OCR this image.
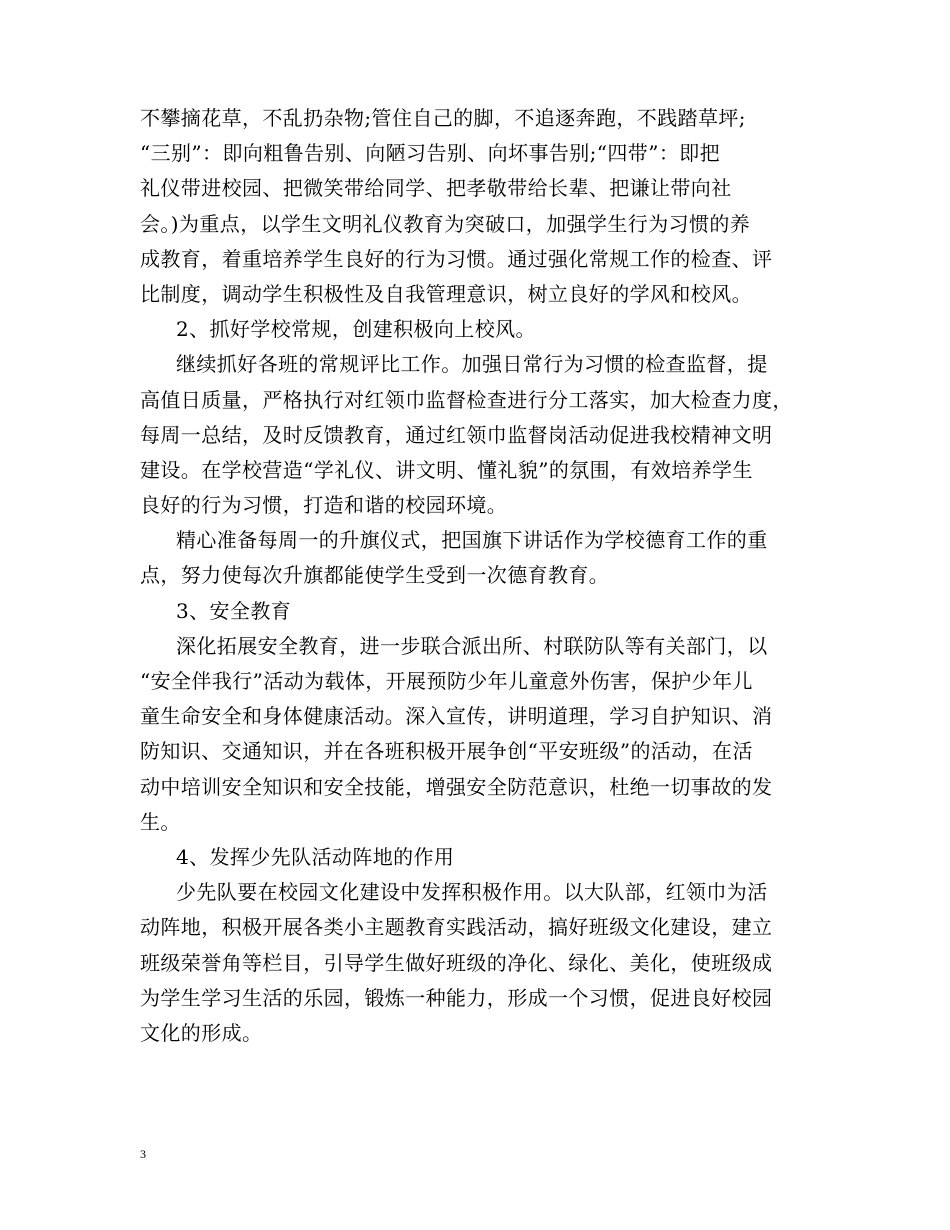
不攀摘花草，不乱扔杂物;管住自己的脚，不追逐奔跑，不践踏草坪;
“三别”：即向粗鲁告别、向陋习告别、向坏事告别;“四带”：即把
礼仪带进校园、把微笑带给同学、把孝敬带给长辈、把谦让带向社
会。)为重点，以学生文明礼仪教育为突破口，加强学生行为习惯的养
成教育，着重培养学生良好的行为习惯。通过强化常规工作的检查、评
比制度，调动学生积极性及自我管理意识，树立良好的学风和校风。
2、抓好学校常规，创建积极向上校风。
继续抓好各班的常规评比工作。加强日常行为习惯的检查监督，提
高值日质量，严格执行对红领巾监督检查进行分工落实，加大检查力度，
每周一总结，及时反馈教育，通过红领巾监督岗活动促进我校精神文明
建设。在学校营造“学礼仪、讲文明、懂礼貌”的氛围，有效培养学生
良好的行为习惯，打造和谐的校园环境。
精心准备每周一的升旗仪式，把国旗下讲话作为学校德育工作的重
点，努力使每次升旗都能使学生受到一次德育教育。
3、安全教育
深化拓展安全教育，进一步联合派出所、村联防队等有关部门，以
“安全伴我行”活动为载体，开展预防少年儿童意外伤害，保护少年儿
童生命安全和身体健康活动。深入宣传，讲明道理，学习自护知识、消
防知识、交通知识，并在各班积极开展争创“平安班级”的活动，在活
动中培训安全知识和安全技能，增强安全防范意识，杜绝一切事故的发
生。
4、发挥少先队活动阵地的作用
少先队要在校园文化建设中发挥积极作用。以大队部，红领巾为活
动阵地，积极开展各类小主题教育实践活动，搞好班级文化建设，建立
班级荣誉角等栏目，引导学生做好班级的净化、绿化、美化，使班级成
为学生学习生活的乐园，锻炼一种能力，形成一个习惯，促进良好校园
文化的形成。
3
